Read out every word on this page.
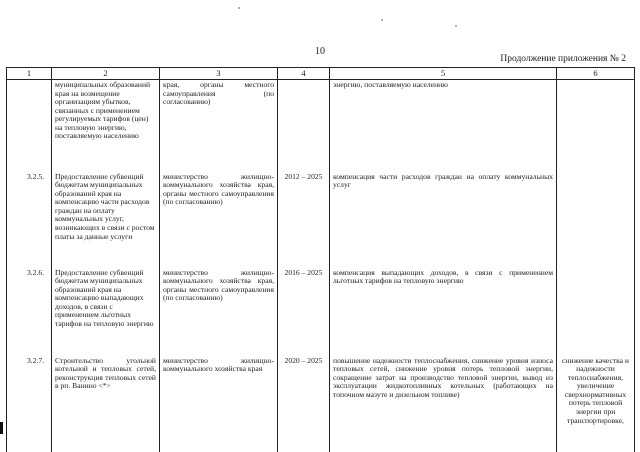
10
Продолжение приложения № 2
1	2	3	4	5	6
	муниципальных образований края на возмещение организациям убытков, связанных с применением регулируемых тарифов (цен) на тепловую энергию, поставляемую населению	края, органы местного самоуправления (по согласованию)		энергию, поставляемую населению	
3.2.5.	Предоставление субвенций бюджетам муниципальных образований края на компенсацию части расходов граждан на оплату коммунальных услуг, возникающих в связи с ростом платы за данные услуги	министерство жилищно-коммунального хозяйства края, органы местного самоуправления (по согласованию)	2012 – 2025	компенсация части расходов граждан на оплату коммунальных услуг	
3.2.6.	Предоставление субвенций бюджетам муниципальных образований края на компенсацию выпадающих доходов, в связи с применением льготных тарифов на тепловую энергию	министерство жилищно-коммунального хозяйства края, органы местного самоуправления (по согласованию)	2016 – 2025	компенсация выпадающих доходов, в связи с применением льготных тарифов на тепловую энергию	
3.2.7.	Строительство угольной котельной и тепловых сетей, реконструкция тепловых сетей в рп. Ванино <*>	министерство жилищно-коммунального хозяйства края	2020 – 2025	повышение надежности теплоснабжения, снижение уровня износа тепловых сетей, снижение уровня потерь тепловой энергии, сокращение затрат на производство тепловой энергии, вывод из эксплуатации жидкотопливных котельных (работающих на топочном мазуте и дизельном топливе)	снижение качества и надежности теплоснабжения, увеличение сверхнормативных потерь тепловой энергии при транспортировке,
